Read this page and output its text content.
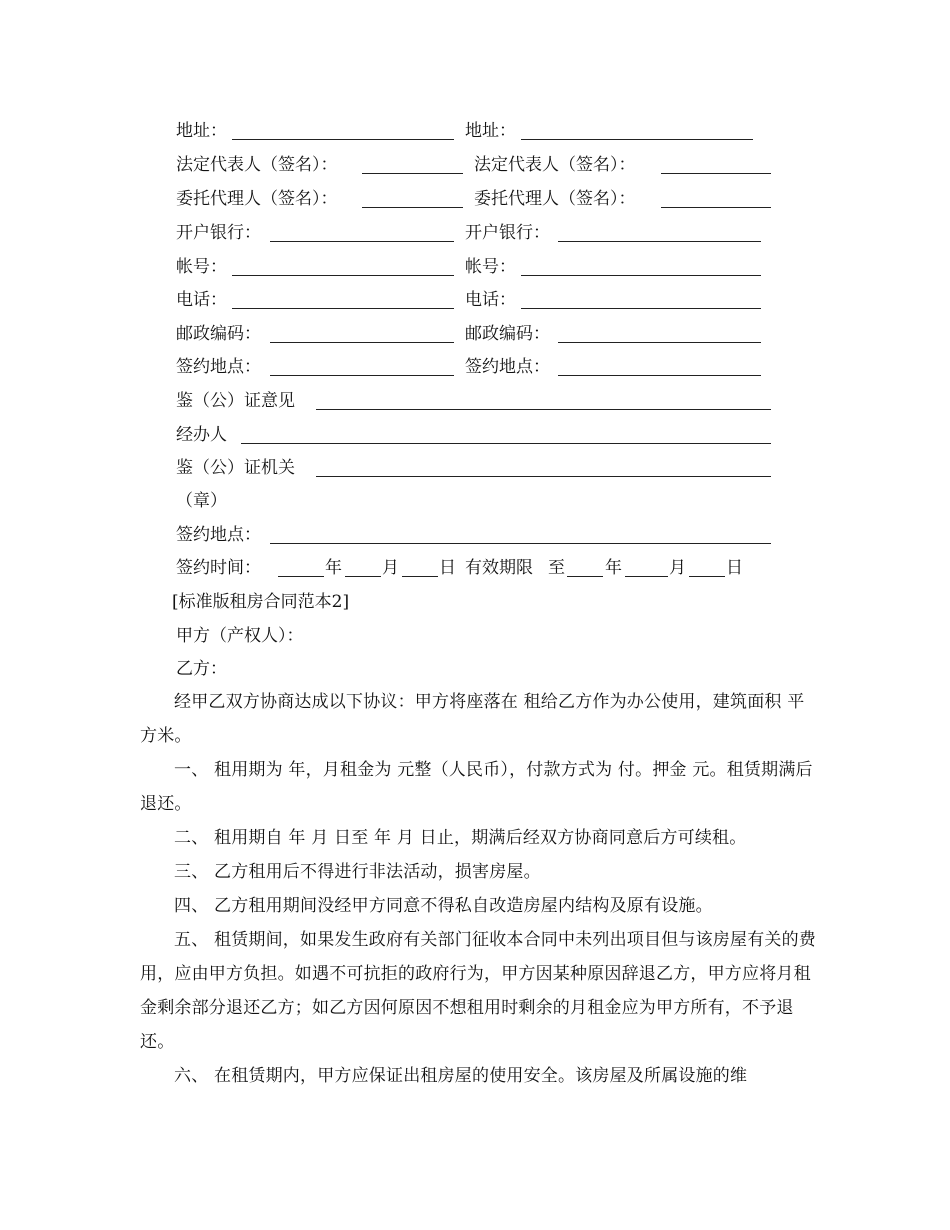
地址：	地址：
法定代表人（签名）：	法定代表人（签名）：
委托代理人（签名）：	委托代理人（签名）：
开户银行：	开户银行：
帐号：	帐号：
电话：	电话：
邮政编码：	邮政编码：
签约地点：	签约地点：
鉴（公）证意见
经办人
鉴（公）证机关
（章）
签约地点：
签约时间：	年 月 日 有效期限 至 年	月 日
[标准版租房合同范本2]
甲方（产权人）：
乙方：
经甲乙双方协商达成以下协议：甲方将座落在 租给乙方作为办公使用，建筑面积 平方米。
一、 租用期为 年，月租金为 元整（人民币），付款方式为 付。押金 元。租赁期满后退还。
二、 租用期自 年 月 日至 年 月 日止，期满后经双方协商同意后方可续租。
三、 乙方租用后不得进行非法活动，损害房屋。
四、 乙方租用期间没经甲方同意不得私自改造房屋内结构及原有设施。
五、 租赁期间，如果发生政府有关部门征收本合同中未列出项目但与该房屋有关的费用，应由甲方负担。如遇不可抗拒的政府行为，甲方因某种原因辞退乙方，甲方应将月租金剩余部分退还乙方；如乙方因何原因不想租用时剩余的月租金应为甲方所有，不予退还。
六、 在租赁期内，甲方应保证出租房屋的使用安全。该房屋及所属设施的维
